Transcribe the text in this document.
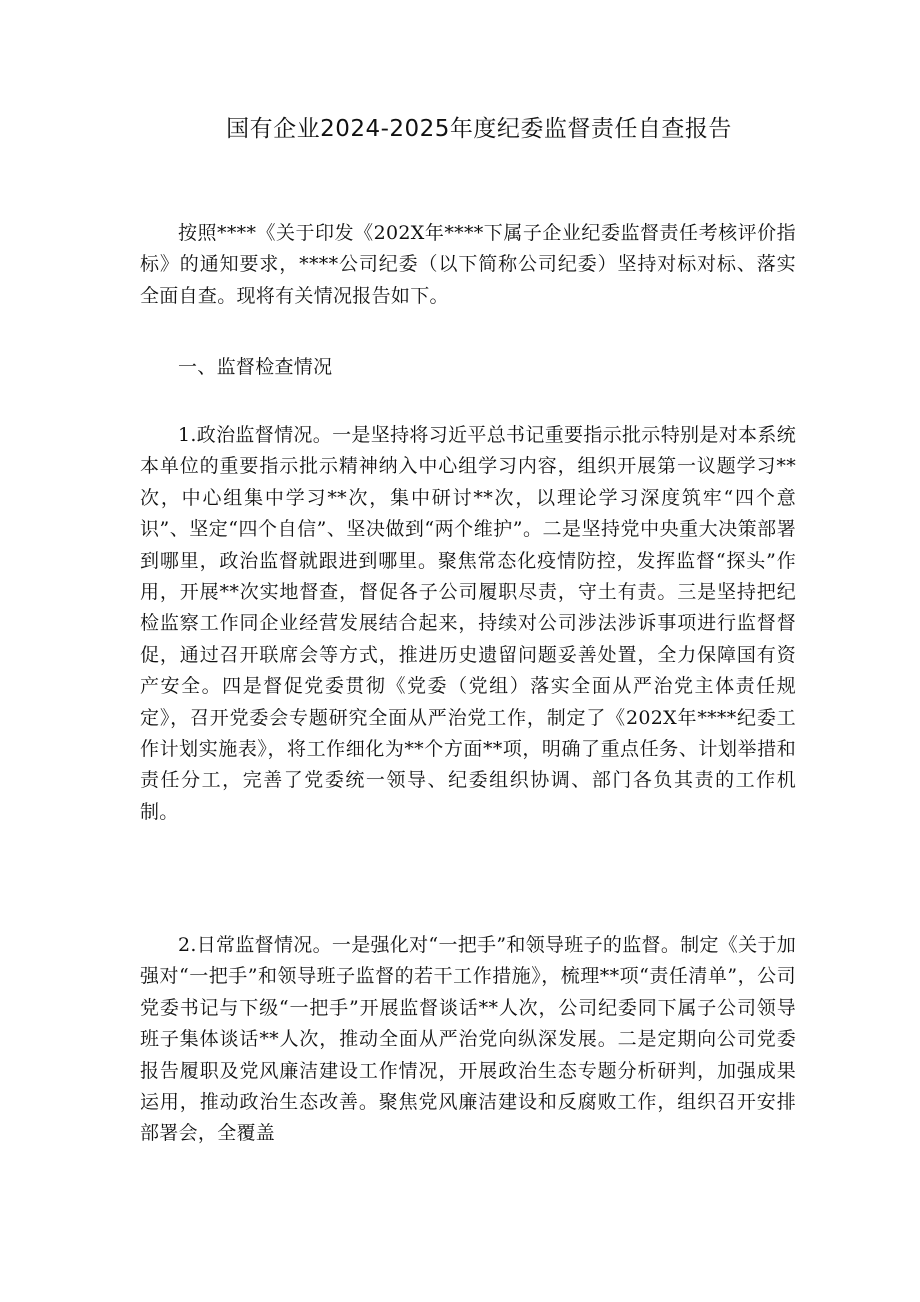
国有企业2024-2025年度纪委监督责任自查报告

按照****《关于印发《202X年****下属子企业纪委监督责任考核评价指标》的通知要求，****公司纪委（以下简称公司纪委）坚持对标对标、落实全面自查。现将有关情况报告如下。

一、监督检查情况

1.政治监督情况。一是坚持将习近平总书记重要指示批示特别是对本系统本单位的重要指示批示精神纳入中心组学习内容，组织开展第一议题学习**次，中心组集中学习**次，集中研讨**次，以理论学习深度筑牢“四个意识”、坚定“四个自信”、坚决做到“两个维护”。二是坚持党中央重大决策部署到哪里，政治监督就跟进到哪里。聚焦常态化疫情防控，发挥监督“探头”作用，开展**次实地督查，督促各子公司履职尽责，守土有责。三是坚持把纪检监察工作同企业经营发展结合起来，持续对公司涉法涉诉事项进行监督督促，通过召开联席会等方式，推进历史遗留问题妥善处置，全力保障国有资产安全。四是督促党委贯彻《党委（党组）落实全面从严治党主体责任规定》，召开党委会专题研究全面从严治党工作，制定了《202X年****纪委工作计划实施表》，将工作细化为**个方面**项，明确了重点任务、计划举措和责任分工，完善了党委统一领导、纪委组织协调、部门各负其责的工作机制。

2.日常监督情况。一是强化对“一把手”和领导班子的监督。制定《关于加强对“一把手”和领导班子监督的若干工作措施》，梳理**项“责任清单”，公司党委书记与下级“一把手”开展监督谈话**人次，公司纪委同下属子公司领导班子集体谈话**人次，推动全面从严治党向纵深发展。二是定期向公司党委报告履职及党风廉洁建设工作情况，开展政治生态专题分析研判，加强成果运用，推动政治生态改善。聚焦党风廉洁建设和反腐败工作，组织召开安排部署会，全覆盖
